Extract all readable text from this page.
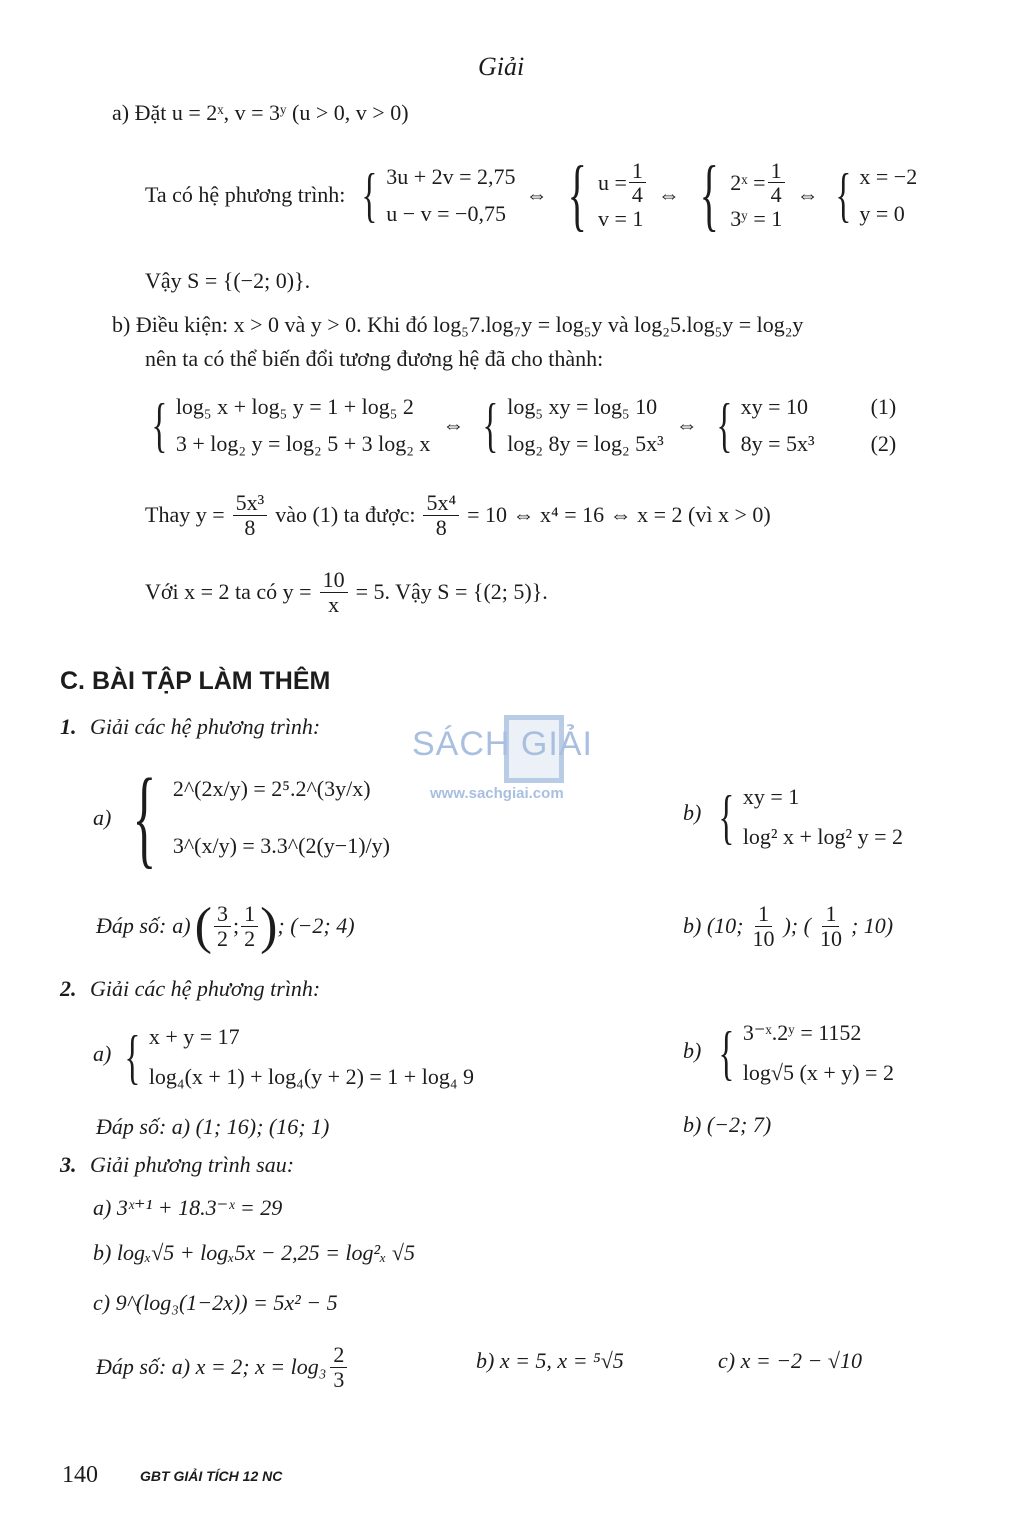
Giải
a) Đặt u = 2ˣ, v = 3ʸ (u > 0, v > 0)
Ta có hệ phương trình: { 3u + 2v = 2,75
u − v = −0,75
⇔ { $u = \frac{1}{4}$
v = 1
⇔ { 2ˣ = $\frac{1}{4}$
3ʸ = 1
⇔ { x = −2
y = 0
Vậy S = {(−2; 0)}.
b) Điều kiện: x > 0 và y > 0. Khi đó log₅7.log₇y = log₅y và log₂5.log₅y = log₂y
nên ta có thể biến đổi tương đương hệ đã cho thành:
{ log₅ x + log₅ y = 1 + log₅ 2
3 + log₂ y = log₂ 5 + 3 log₂ x
⇔ { log₅ xy = log₅ 10
log₂ 8y = log₂ 5x³
⇔ { xy = 10
8y = 5x³
(1)
(2)
Thay $y = \frac{\text{5x³}}{8}$ vào (1) ta được: $\frac{\text{5x⁴}}{8} = 10$ ⇔ x⁴ = 16 ⇔ x = 2 (vì x > 0)
Với x = 2 ta có $y = \frac{10}{x} = 5$. Vậy S = {(2; 5)}.
C. BÀI TẬP LÀM THÊM
SÁCH GIẢI
www.sachgiai.com
1. Giải các hệ phương trình:
a) { 2^(2x/y) = 2⁵.2^(3y/x)
3^(x/y) = 3.3^(2(y−1)/y)
b) { xy = 1
log² x + log² y = 2
Đáp số: a) ( $\frac{3}{2}$ ; $\frac{1}{2}$ ) ; (−2; 4)	b) (10; $\frac{1}{10}$ ); ( $\frac{1}{10}$ ; 10)
2. Giải các hệ phương trình:
a) { x + y = 17
log₄(x + 1) + log₄(y + 2) = 1 + log₄ 9
b) { 3⁻ˣ.2ʸ = 1152
log√5 (x + y) = 2
Đáp số: a) (1; 16); (16; 1)	b) (−2; 7)
3. Giải phương trình sau:
a) 3ˣ⁺¹ + 18.3⁻ˣ = 29
b) logₓ√5 + logₓ5x − 2,25 = log²ₓ √5
c) 9^(log₃(1−2x)) = 5x² − 5
Đáp số: a) x = 2; $x = \log_3 \frac{2}{3}$	b) x = 5, x = ⁵√5	c) x = −2 − √10
140	GBT GIẢI TÍCH 12 NC
